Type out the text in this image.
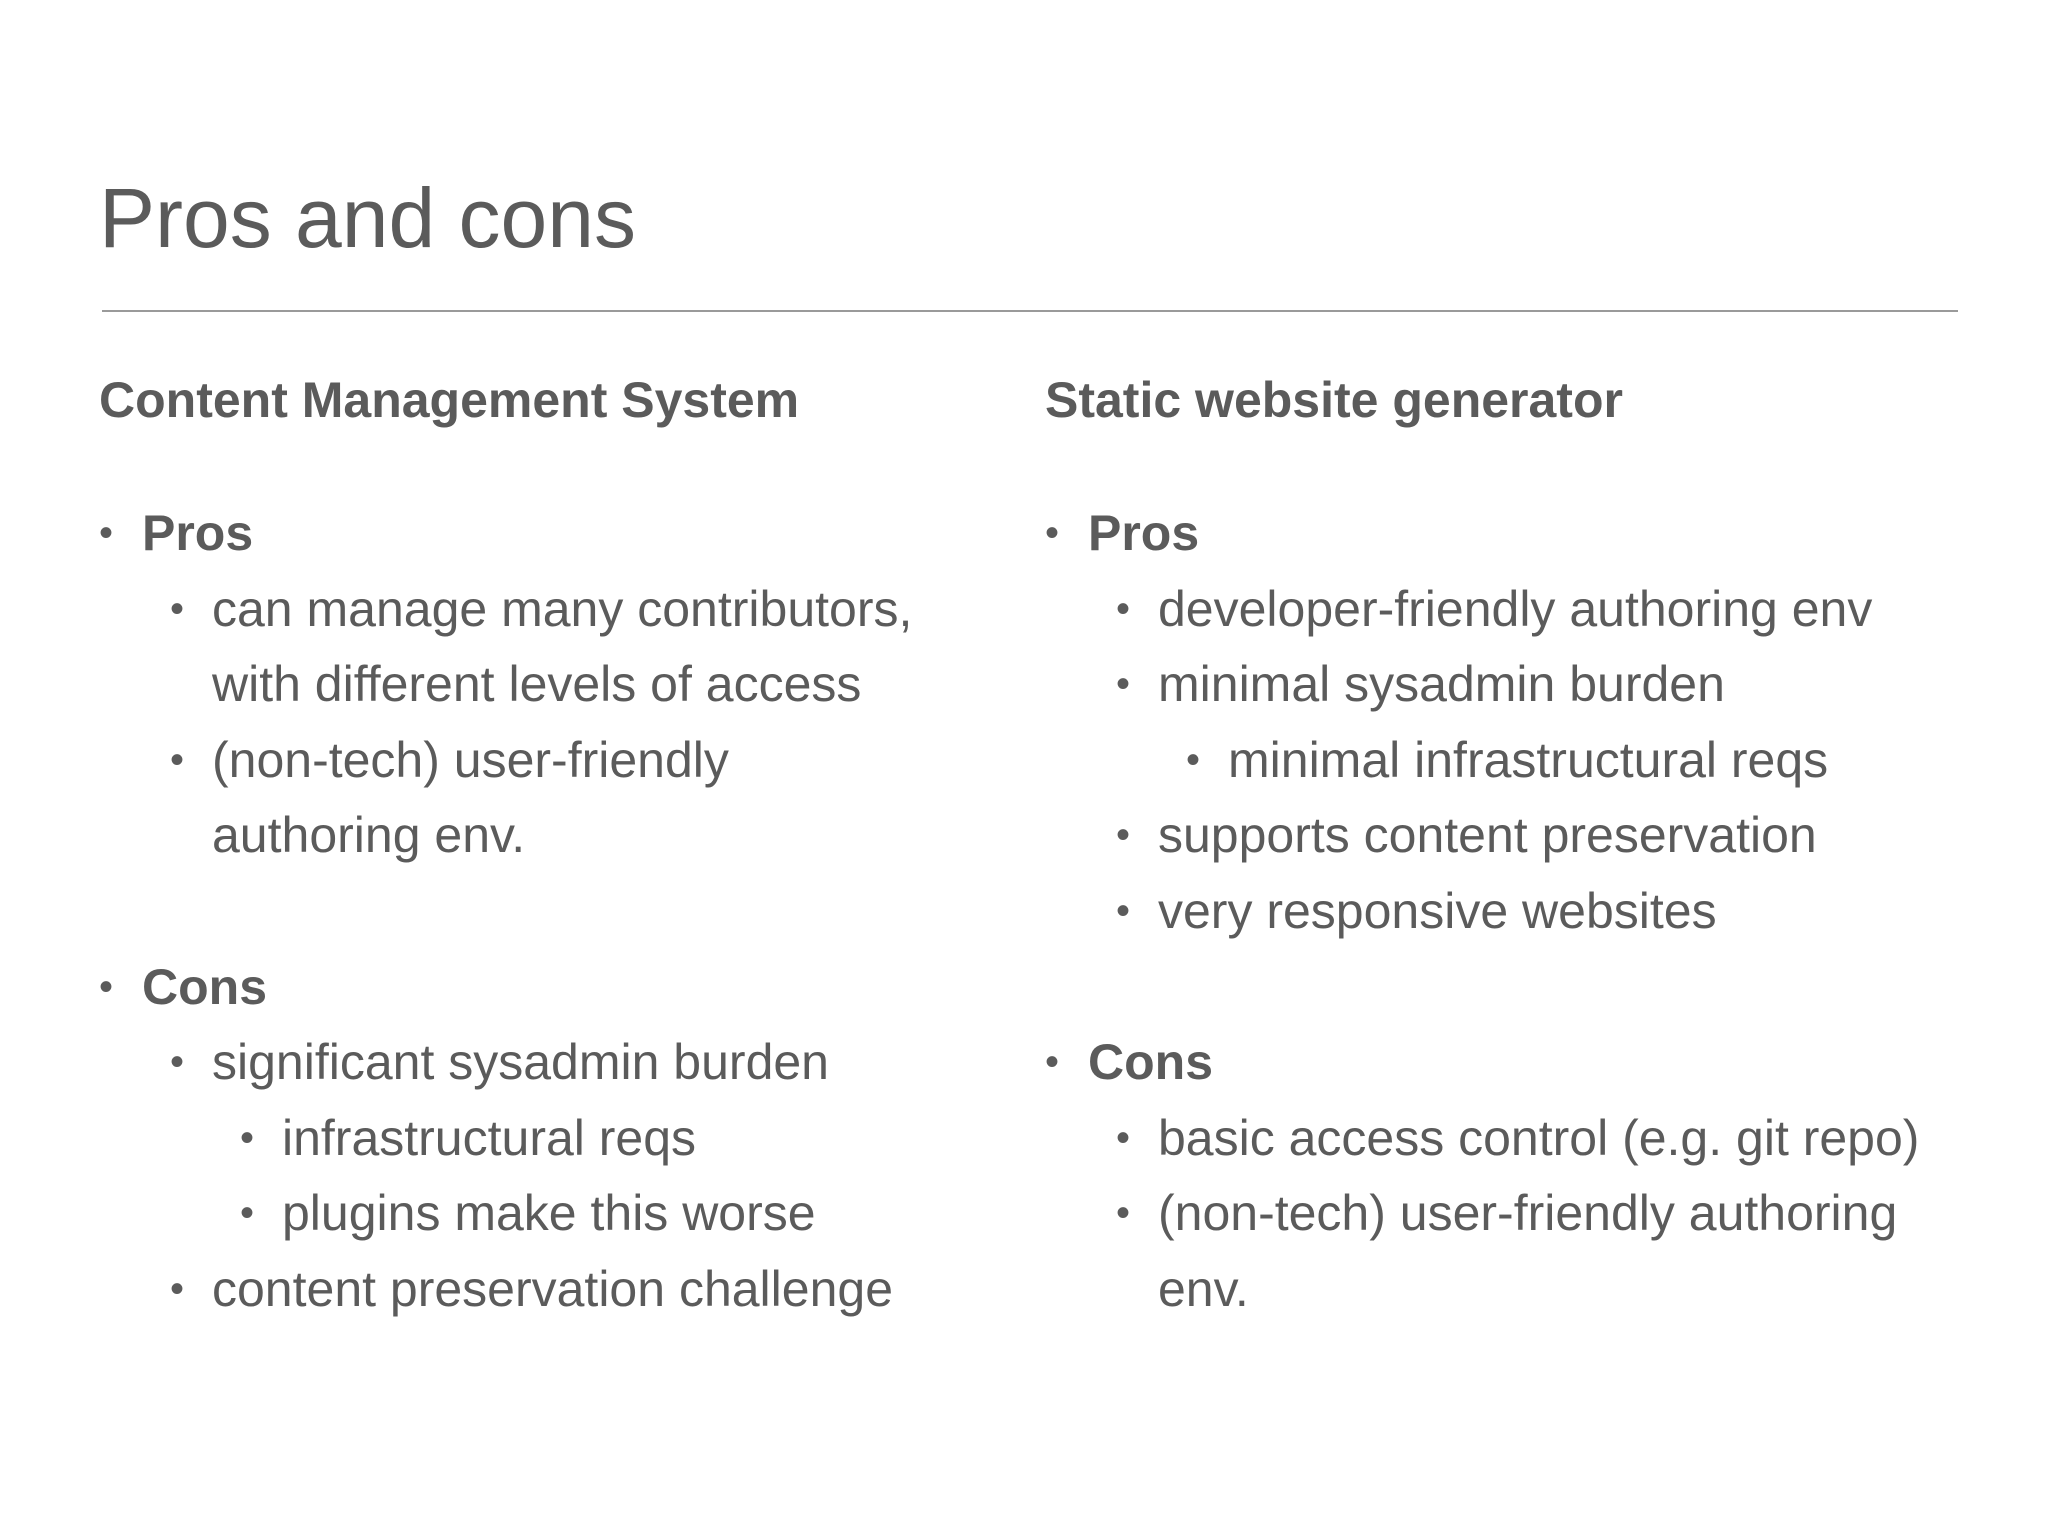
Pros and cons
Content Management System
• Pros
• can manage many contributors,
with different levels of access
• (non-tech) user-friendly
authoring env.
• Cons
• significant sysadmin burden
• infrastructural reqs
• plugins make this worse
• content preservation challenge
Static website generator
• Pros
• developer-friendly authoring env
• minimal sysadmin burden
• minimal infrastructural reqs
• supports content preservation
• very responsive websites
• Cons
• basic access control (e.g. git repo)
• (non-tech) user-friendly authoring
env.
